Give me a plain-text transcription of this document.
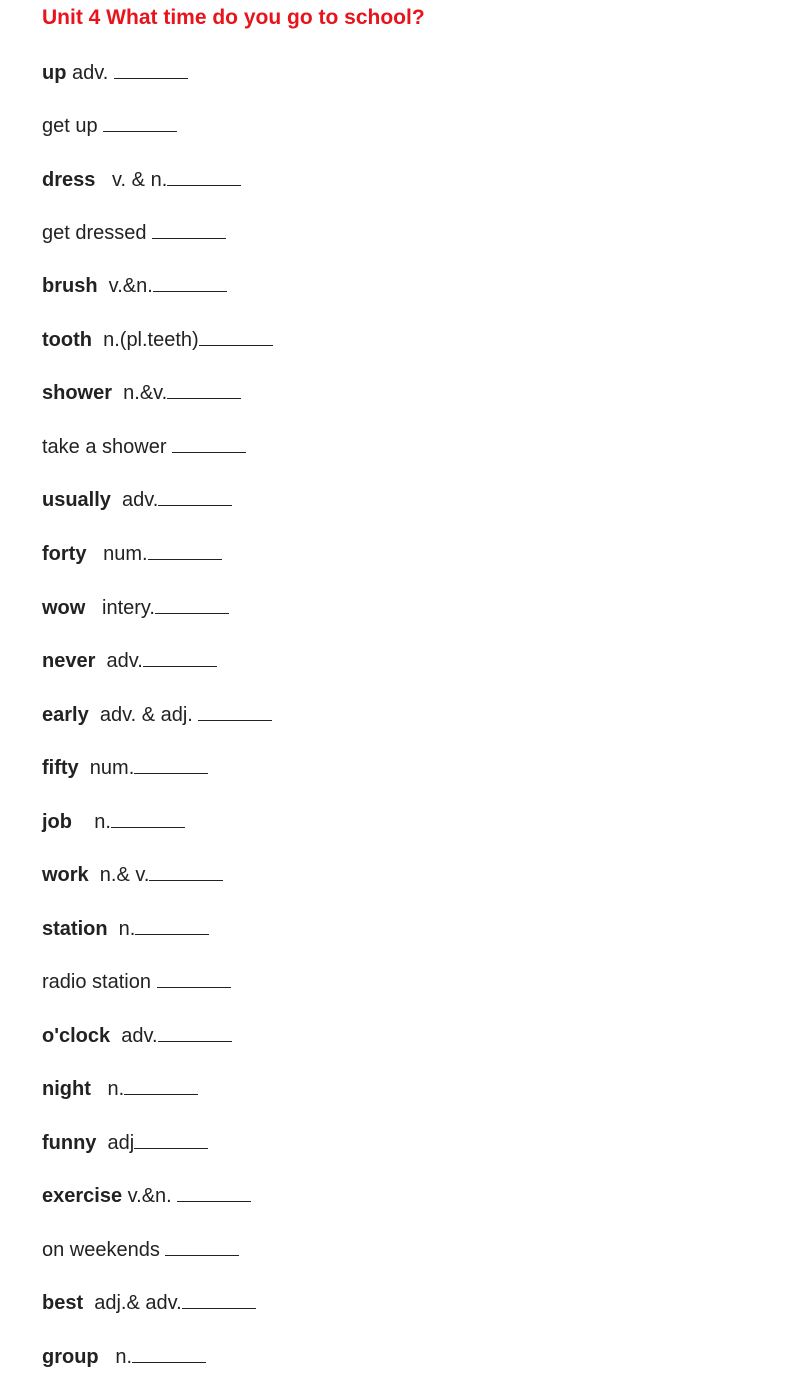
Unit 4 What time do you go to school?
up adv.
get up
dress   v. & n.
get dressed
brush  v.&n.
tooth  n.(pl.teeth)
shower  n.&v.
take a shower
usually  adv.
forty   num.
wow   intery.
never  adv.
early  adv. & adj.
fifty  num.
job    n.
work  n.& v.
station  n.
radio station
o'clock  adv.
night   n.
funny  adj
exercise v.&n.
on weekends
best  adj.& adv.
group   n.
